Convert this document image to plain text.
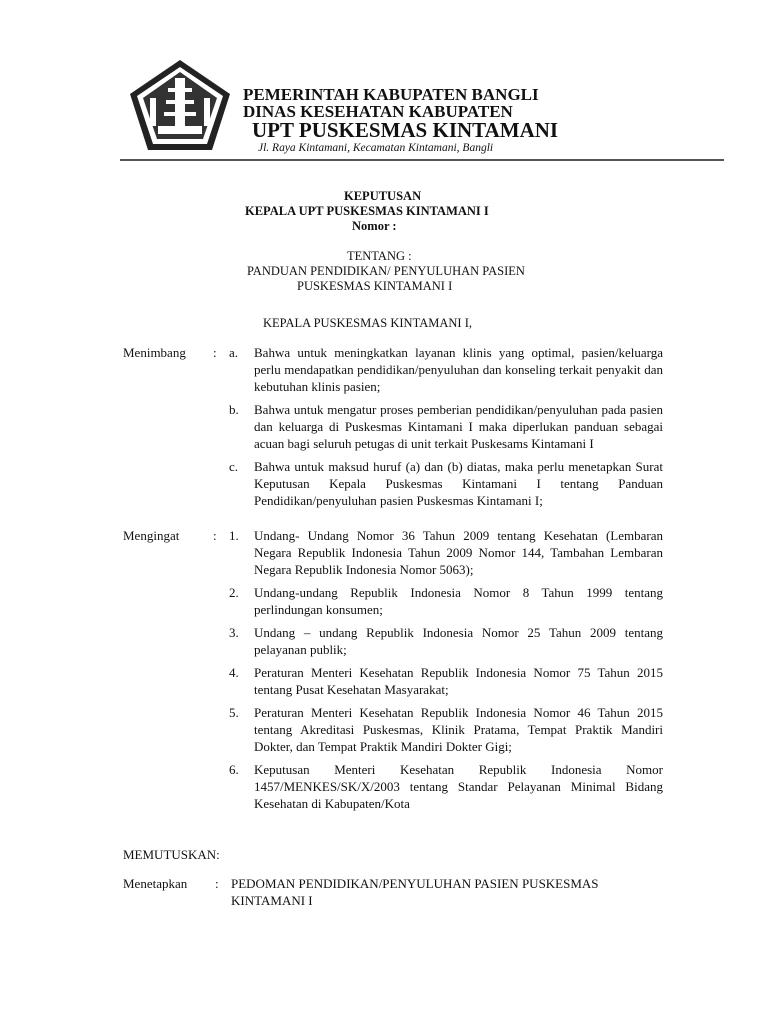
PEMERINTAH KABUPATEN BANGLI
DINAS KESEHATAN KABUPATEN
UPT PUSKESMAS KINTAMANI
Jl. Raya Kintamani, Kecamatan Kintamani, Bangli
KEPUTUSAN
KEPALA UPT PUSKESMAS KINTAMANI I
Nomor :
TENTANG :
PANDUAN PENDIDIKAN/ PENYULUHAN PASIEN
PUSKESMAS KINTAMANI I
KEPALA PUSKESMAS KINTAMANI I,
Menimbang	: a.	Bahwa untuk meningkatkan layanan klinis yang optimal, pasien/keluarga perlu mendapatkan pendidikan/penyuluhan dan konseling terkait penyakit dan kebutuhan klinis pasien;
b.	Bahwa untuk mengatur proses pemberian pendidikan/penyuluhan pada pasien dan keluarga di Puskesmas Kintamani I maka diperlukan panduan sebagai acuan bagi seluruh petugas di unit terkait Puskesams Kintamani I
c.	Bahwa untuk maksud huruf (a) dan (b) diatas, maka perlu menetapkan Surat Keputusan Kepala Puskesmas Kintamani I tentang Panduan Pendidikan/penyuluhan pasien Puskesmas Kintamani I;
Mengingat	: 1.	Undang- Undang Nomor 36 Tahun 2009 tentang Kesehatan (Lembaran Negara Republik Indonesia Tahun 2009 Nomor 144, Tambahan Lembaran Negara Republik Indonesia Nomor 5063);
2.	Undang-undang Republik Indonesia Nomor 8 Tahun 1999 tentang perlindungan konsumen;
3.	Undang – undang Republik Indonesia Nomor 25 Tahun 2009 tentang pelayanan publik;
4.	Peraturan Menteri Kesehatan Republik Indonesia Nomor 75 Tahun 2015 tentang Pusat Kesehatan Masyarakat;
5.	Peraturan Menteri Kesehatan Republik Indonesia Nomor 46 Tahun 2015 tentang Akreditasi Puskesmas, Klinik Pratama, Tempat Praktik Mandiri Dokter, dan Tempat Praktik Mandiri Dokter Gigi;
6.	Keputusan Menteri Kesehatan Republik Indonesia Nomor 1457/MENKES/SK/X/2003 tentang Standar Pelayanan Minimal Bidang Kesehatan di Kabupaten/Kota
MEMUTUSKAN:
Menetapkan	: PEDOMAN PENDIDIKAN/PENYULUHAN PASIEN PUSKESMAS KINTAMANI I
